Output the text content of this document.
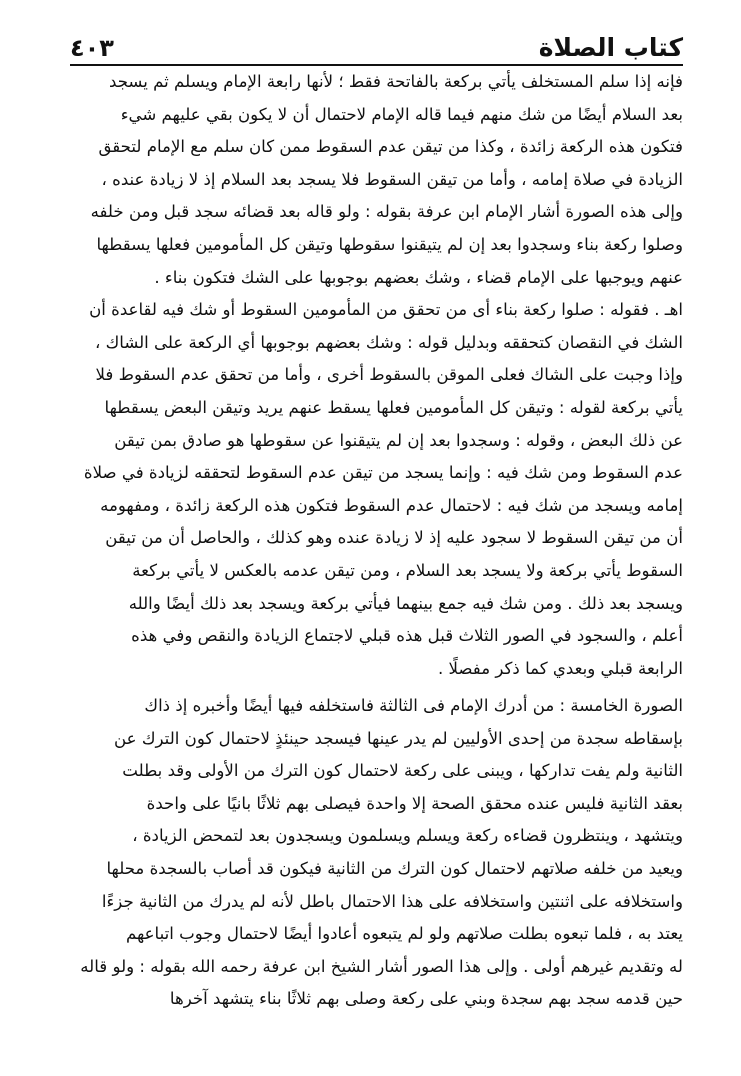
كتاب الصلاة
٤٠٣

فإنه إذا سلم المستخلف يأتي بركعة بالفاتحة فقط ؛ لأنها رابعة الإمام ويسلم ثم يسجد
بعد السلام أيضًا من شك منهم فيما قاله الإمام لاحتمال أن لا يكون بقي عليهم شيء
فتكون هذه الركعة زائدة ، وكذا من تيقن عدم السقوط ممن كان سلم مع الإمام لتحقق
الزيادة في صلاة إمامه ، وأما من تيقن السقوط فلا يسجد بعد السلام إذ لا زيادة عنده ،
وإلى هذه الصورة أشار الإمام ابن عرفة بقوله : ولو قاله بعد قضائه سجد قبل ومن خلفه
وصلوا ركعة بناء وسجدوا بعد إن لم يتيقنوا سقوطها وتيقن كل المأمومين فعلها يسقطها
عنهم ويوجبها على الإمام قضاء ، وشك بعضهم بوجوبها على الشك فتكون بناء .
اهـ . فقوله : صلوا ركعة بناء أى من تحقق من المأمومين السقوط أو شك فيه لقاعدة أن
الشك في النقصان كتحققه وبدليل قوله : وشك بعضهم بوجوبها أي الركعة على الشاك ،
وإذا وجبت على الشاك فعلى الموقن بالسقوط أخرى ، وأما من تحقق عدم السقوط فلا
يأتي بركعة لقوله : وتيقن كل المأمومين فعلها يسقط عنهم يريد وتيقن البعض يسقطها
عن ذلك البعض ، وقوله : وسجدوا بعد إن لم يتيقنوا عن سقوطها هو صادق بمن تيقن
عدم السقوط ومن شك فيه : وإنما يسجد من تيقن عدم السقوط لتحققه لزيادة في صلاة
إمامه ويسجد من شك فيه : لاحتمال عدم السقوط فتكون هذه الركعة زائدة ، ومفهومه
أن من تيقن السقوط لا سجود عليه إذ لا زيادة عنده وهو كذلك ، والحاصل أن من تيقن
السقوط يأتي بركعة ولا يسجد بعد السلام ، ومن تيقن عدمه بالعكس لا يأتي بركعة
ويسجد بعد ذلك . ومن شك فيه جمع بينهما فيأتي بركعة ويسجد بعد ذلك أيضًا والله
أعلم ، والسجود في الصور الثلاث قبل هذه قبلي لاجتماع الزيادة والنقص وفي هذه
الرابعة قبلي وبعدي كما ذكر مفصلًا .

الصورة الخامسة : من أدرك الإمام فى الثالثة فاستخلفه فيها أيضًا وأخبره إذ ذاك
بإسقاطه سجدة من إحدى الأوليين لم يدر عينها فيسجد حينئذٍ لاحتمال كون الترك عن
الثانية ولم يفت تداركها ، ويبنى على ركعة لاحتمال كون الترك من الأولى وقد بطلت
بعقد الثانية فليس عنده محقق الصحة إلا واحدة فيصلى بهم ثلاثًا بانيًا على واحدة
ويتشهد ، وينتظرون قضاءه ركعة ويسلم ويسلمون ويسجدون بعد لتمحض الزيادة ،
ويعيد من خلفه صلاتهم لاحتمال كون الترك من الثانية فيكون قد أصاب بالسجدة محلها
واستخلافه على اثنتين واستخلافه على هذا الاحتمال باطل لأنه لم يدرك من الثانية جزءًا
يعتد به ، فلما تبعوه بطلت صلاتهم ولو لم يتبعوه أعادوا أيضًا لاحتمال وجوب اتباعهم
له وتقديم غيرهم أولى . وإلى هذا الصور أشار الشيخ ابن عرفة رحمه الله بقوله : ولو قاله
حين قدمه سجد بهم سجدة وبني على ركعة وصلى بهم ثلاثًا بناء يتشهد آخرها
